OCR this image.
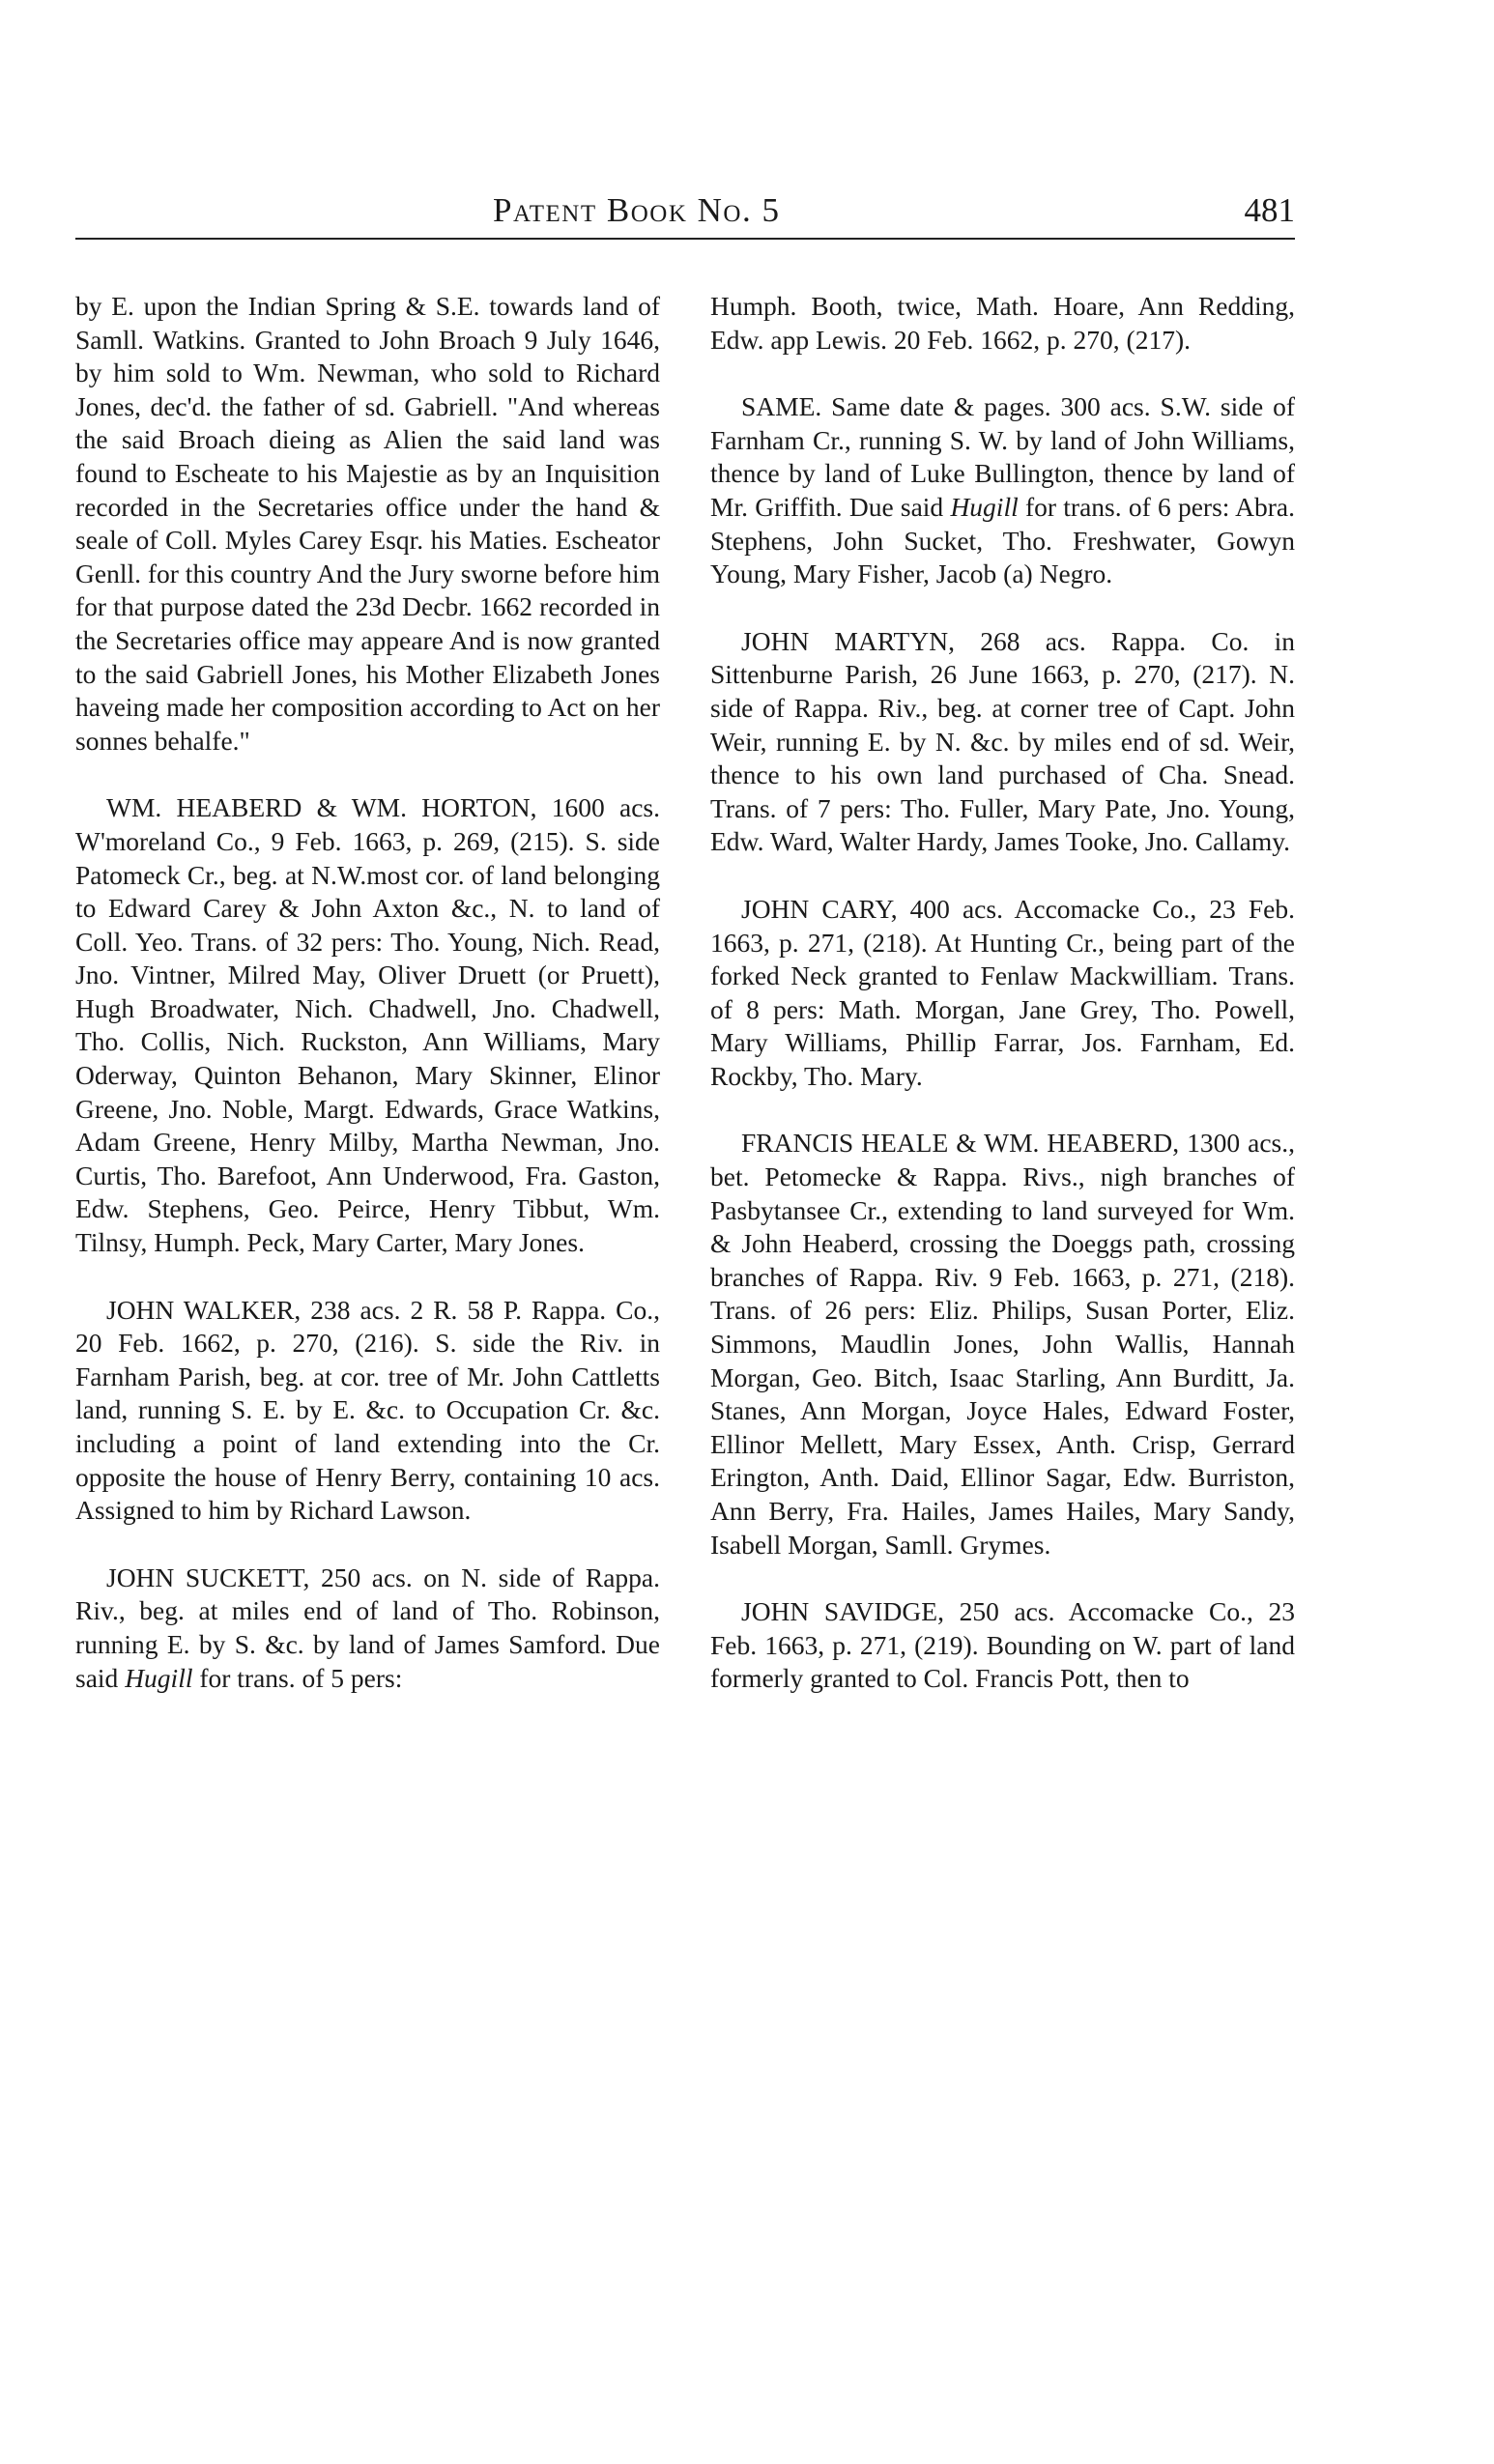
Patent Book No. 5	481

by E. upon the Indian Spring & S.E. towards land of Samll. Watkins. Granted to John Broach 9 July 1646, by him sold to Wm. Newman, who sold to Richard Jones, dec'd. the father of sd. Gabriell. "And whereas the said Broach dieing as Alien the said land was found to Escheate to his Majestie as by an Inquisition recorded in the Secretaries office under the hand & seale of Coll. Myles Carey Esqr. his Maties. Escheator Genll. for this country And the Jury sworne before him for that purpose dated the 23d Decbr. 1662 recorded in the Secretaries office may appeare And is now granted to the said Gabriell Jones, his Mother Elizabeth Jones haveing made her composition according to Act on her sonnes behalfe."

WM. HEABERD & WM. HORTON, 1600 acs. W'moreland Co., 9 Feb. 1663, p. 269, (215). S. side Patomeck Cr., beg. at N.W.most cor. of land belonging to Edward Carey & John Axton &c., N. to land of Coll. Yeo. Trans. of 32 pers: Tho. Young, Nich. Read, Jno. Vintner, Milred May, Oliver Druett (or Pruett), Hugh Broadwater, Nich. Chadwell, Jno. Chadwell, Tho. Collis, Nich. Ruckston, Ann Williams, Mary Oderway, Quinton Behanon, Mary Skinner, Elinor Greene, Jno. Noble, Margt. Edwards, Grace Watkins, Adam Greene, Henry Milby, Martha Newman, Jno. Curtis, Tho. Barefoot, Ann Underwood, Fra. Gaston, Edw. Stephens, Geo. Peirce, Henry Tibbut, Wm. Tilnsy, Humph. Peck, Mary Carter, Mary Jones.

JOHN WALKER, 238 acs. 2 R. 58 P. Rappa. Co., 20 Feb. 1662, p. 270, (216). S. side the Riv. in Farnham Parish, beg. at cor. tree of Mr. John Cattletts land, running S. E. by E. &c. to Occupation Cr. &c. including a point of land extending into the Cr. opposite the house of Henry Berry, containing 10 acs. Assigned to him by Richard Lawson.

JOHN SUCKETT, 250 acs. on N. side of Rappa. Riv., beg. at miles end of land of Tho. Robinson, running E. by S. &c. by land of James Samford. Due said Hugill for trans. of 5 pers:

Humph. Booth, twice, Math. Hoare, Ann Redding, Edw. app Lewis. 20 Feb. 1662, p. 270, (217).

SAME. Same date & pages. 300 acs. S.W. side of Farnham Cr., running S. W. by land of John Williams, thence by land of Luke Bullington, thence by land of Mr. Griffith. Due said Hugill for trans. of 6 pers: Abra. Stephens, John Sucket, Tho. Freshwater, Gowyn Young, Mary Fisher, Jacob (a) Negro.

JOHN MARTYN, 268 acs. Rappa. Co. in Sittenburne Parish, 26 June 1663, p. 270, (217). N. side of Rappa. Riv., beg. at corner tree of Capt. John Weir, running E. by N. &c. by miles end of sd. Weir, thence to his own land purchased of Cha. Snead. Trans. of 7 pers: Tho. Fuller, Mary Pate, Jno. Young, Edw. Ward, Walter Hardy, James Tooke, Jno. Callamy.

JOHN CARY, 400 acs. Accomacke Co., 23 Feb. 1663, p. 271, (218). At Hunting Cr., being part of the forked Neck granted to Fenlaw Mackwilliam. Trans. of 8 pers: Math. Morgan, Jane Grey, Tho. Powell, Mary Williams, Phillip Farrar, Jos. Farnham, Ed. Rockby, Tho. Mary.

FRANCIS HEALE & WM. HEABERD, 1300 acs., bet. Petomecke & Rappa. Rivs., nigh branches of Pasbytansee Cr., extending to land surveyed for Wm. & John Heaberd, crossing the Doeggs path, crossing branches of Rappa. Riv. 9 Feb. 1663, p. 271, (218). Trans. of 26 pers: Eliz. Philips, Susan Porter, Eliz. Simmons, Maudlin Jones, John Wallis, Hannah Morgan, Geo. Bitch, Isaac Starling, Ann Burditt, Ja. Stanes, Ann Morgan, Joyce Hales, Edward Foster, Ellinor Mellett, Mary Essex, Anth. Crisp, Gerrard Erington, Anth. Daid, Ellinor Sagar, Edw. Burriston, Ann Berry, Fra. Hailes, James Hailes, Mary Sandy, Isabell Morgan, Samll. Grymes.

JOHN SAVIDGE, 250 acs. Accomacke Co., 23 Feb. 1663, p. 271, (219). Bounding on W. part of land formerly granted to Col. Francis Pott, then to
